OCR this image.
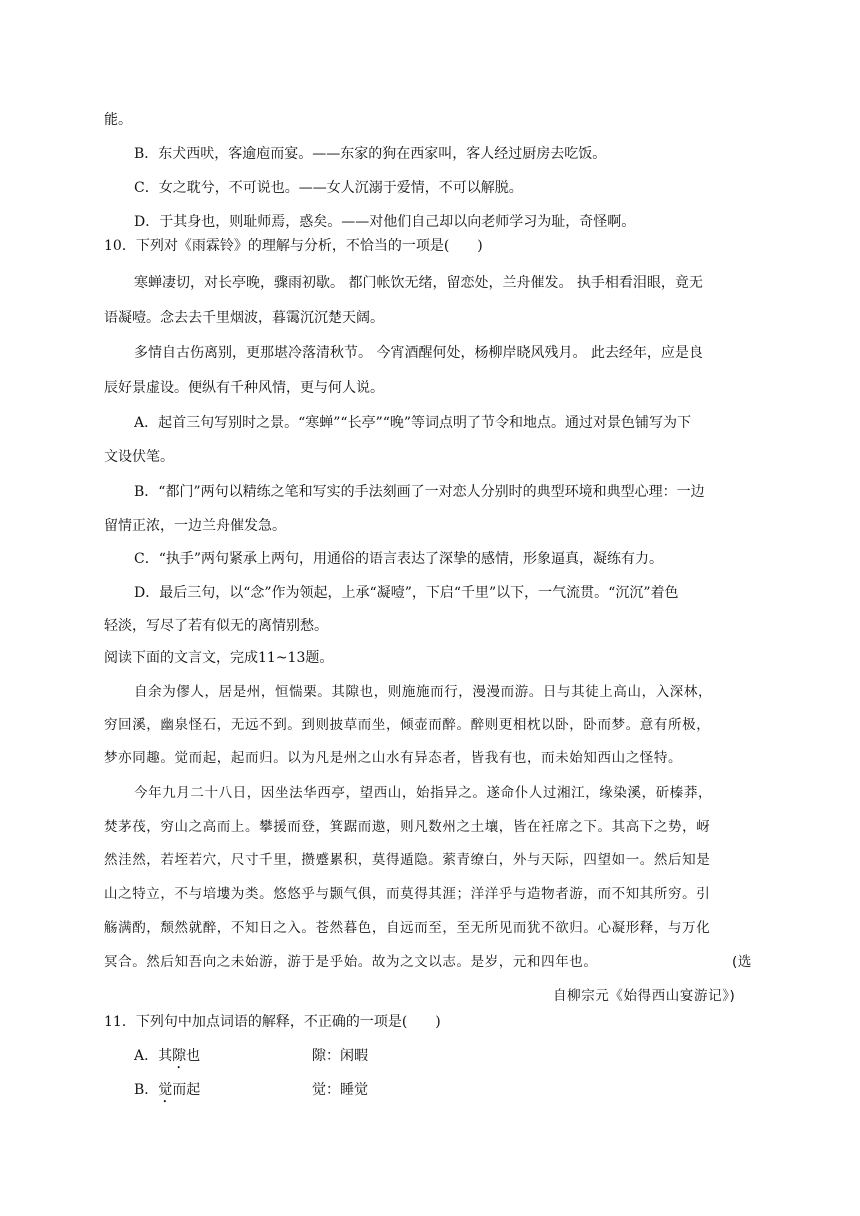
能。
B．东犬西吠，客逾庖而宴。——东家的狗在西家叫，客人经过厨房去吃饭。
C．女之耽兮，不可说也。——女人沉溺于爱情，不可以解脱。
D．于其身也，则耻师焉，惑矣。——对他们自己却以向老师学习为耻，奇怪啊。
10．下列对《雨霖铃》的理解与分析，不恰当的一项是(　　)
寒蝉凄切，对长亭晚，骤雨初歇。 都门帐饮无绪，留恋处，兰舟催发。 执手相看泪眼，竟无
语凝噎。念去去千里烟波，暮霭沉沉楚天阔。
多情自古伤离别，更那堪冷落清秋节。 今宵酒醒何处，杨柳岸晓风残月。 此去经年，应是良
辰好景虚设。便纵有千种风情，更与何人说。
A．起首三句写别时之景。“寒蝉”“长亭”“晚”等词点明了节令和地点。通过对景色铺写为下
文设伏笔。
B．“都门”两句以精练之笔和写实的手法刻画了一对恋人分别时的典型环境和典型心理：一边
留情正浓，一边兰舟催发急。
C．“执手”两句紧承上两句，用通俗的语言表达了深挚的感情，形象逼真，凝练有力。
D．最后三句，以“念”作为领起，上承“凝噎”，下启“千里”以下，一气流贯。“沉沉”着色
轻淡，写尽了若有似无的离情别愁。
阅读下面的文言文，完成11~13题。
自余为僇人，居是州，恒惴栗。其隙也，则施施而行，漫漫而游。日与其徒上高山，入深林，
穷回溪，幽泉怪石，无远不到。到则披草而坐，倾壶而醉。醉则更相枕以卧，卧而梦。意有所极，
梦亦同趣。觉而起，起而归。以为凡是州之山水有异态者，皆我有也，而未始知西山之怪特。
今年九月二十八日，因坐法华西亭，望西山，始指异之。遂命仆人过湘江，缘染溪，斫榛莽，
焚茅茷，穷山之高而上。攀援而登，箕踞而遨，则凡数州之土壤，皆在衽席之下。其高下之势，岈
然洼然，若垤若穴，尺寸千里，攒蹙累积，莫得遁隐。萦青缭白，外与天际，四望如一。然后知是
山之特立，不与培塿为类。悠悠乎与颢气俱，而莫得其涯；洋洋乎与造物者游，而不知其所穷。引
觞满酌，颓然就醉，不知日之入。苍然暮色，自远而至，至无所见而犹不欲归。心凝形释，与万化
冥合。然后知吾向之未始游，游于是乎始。故为之文以志。是岁，元和四年也。	(选
自柳宗元《始得西山宴游记》)
11．下列句中加点词语的解释，不正确的一项是(　　)
A．其隙也	隙：闲暇
B．觉而起	觉：睡觉
